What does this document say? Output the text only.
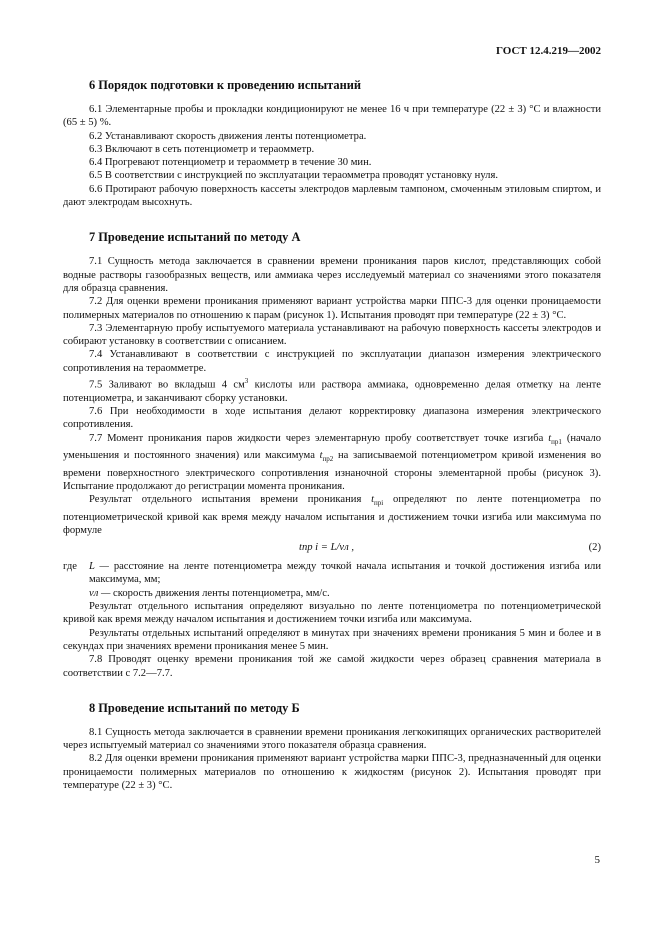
ГОСТ 12.4.219—2002
6 Порядок подготовки к проведению испытаний

6.1 Элементарные пробы и прокладки кондиционируют не менее 16 ч при температуре (22 ± 3) °С и влажности (65 ± 5) %.

6.2 Устанавливают скорость движения ленты потенциометра.

6.3 Включают в сеть потенциометр и тераомметр.

6.4 Прогревают потенциометр и тераомметр в течение 30 мин.

6.5 В соответствии с инструкцией по эксплуатации тераомметра проводят установку нуля.

6.6 Протирают рабочую поверхность кассеты электродов марлевым тампоном, смоченным этиловым спиртом, и дают электродам высохнуть.

7 Проведение испытаний по методу А

7.1 Сущность метода заключается в сравнении времени проникания паров кислот, представляющих собой водные растворы газообразных веществ, или аммиака через исследуемый материал со значениями этого показателя для образца сравнения.

7.2 Для оценки времени проникания применяют вариант устройства марки ППС-3 для оценки проницаемости полимерных материалов по отношению к парам (рисунок 1). Испытания проводят при температуре (22 ± 3) °С.

7.3 Элементарную пробу испытуемого материала устанавливают на рабочую поверхность кассеты электродов и собирают установку в соответствии с описанием.

7.4 Устанавливают в соответствии с инструкцией по эксплуатации диапазон измерения электрического сопротивления на тераомметре.

7.5 Заливают во вкладыш 4 $см^3$ кислоты или раствора аммиака, одновременно делая отметку на ленте потенциометра, и заканчивают сборку установки.

7.6 При необходимости в ходе испытания делают корректировку диапазона измерения электрического сопротивления.

7.7 Момент проникания паров жидкости через элементарную пробу соответствует точке изгиба $t_{пр1}$ (начало уменьшения и постоянного значения) или максимума $t_{пр2}$ на записываемой потенциометром кривой изменения во времени поверхностного электрического сопротивления изнаночной стороны элементарной пробы (рисунок 3). Испытание продолжают до регистрации момента проникания.

Результат отдельного испытания времени проникания $t_{прi}$ определяют по ленте потенциометра по потенциометрической кривой как время между началом испытания и достижением точки изгиба или максимума по формуле

tпр i = L/vл ,	(2)
где	L — расстояние на ленте потенциометра между точкой начала испытания и точкой достижения изгиба или максимума, мм;
vл — скорость движения ленты потенциометра, мм/с.

Результат отдельного испытания определяют визуально по ленте потенциометра по потенциометрической кривой как время между началом испытания и достижением точки изгиба или максимума.

Результаты отдельных испытаний определяют в минутах при значениях времени проникания 5 мин и более и в секундах при значениях времени проникания менее 5 мин.

7.8 Проводят оценку времени проникания той же самой жидкости через образец сравнения материала в соответствии с 7.2—7.7.

8 Проведение испытаний по методу Б

8.1 Сущность метода заключается в сравнении времени проникания легкокипящих органических растворителей через испытуемый материал со значениями этого показателя образца сравнения.

8.2 Для оценки времени проникания применяют вариант устройства марки ППС-3, предназначенный для оценки проницаемости полимерных материалов по отношению к жидкостям (рисунок 2). Испытания проводят при температуре (22 ± 3) °С.

5
